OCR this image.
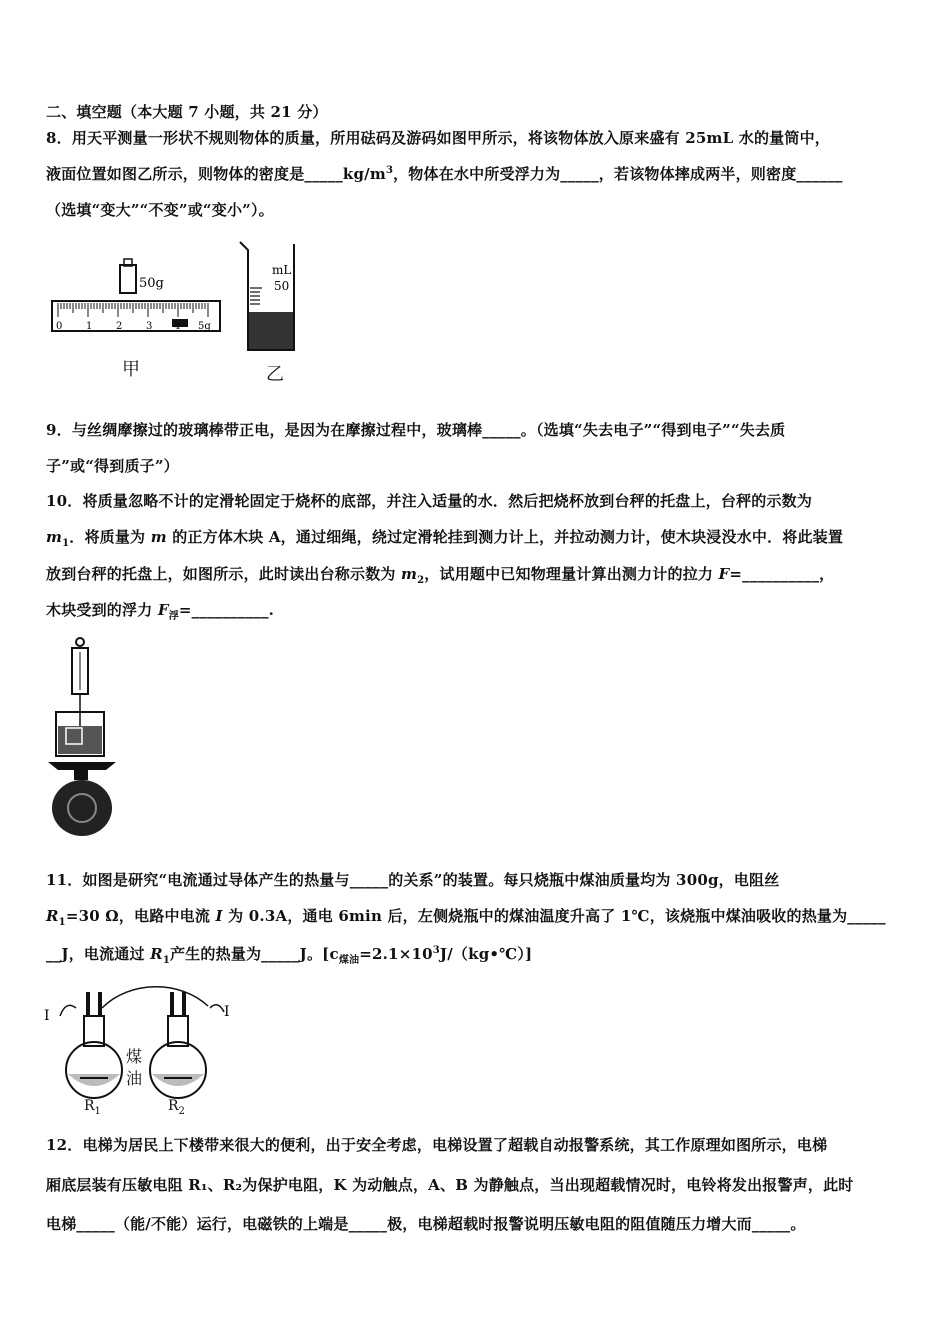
二、填空题（本大题 7 小题，共 21 分）
8．用天平测量一形状不规则物体的质量，所用砝码及游码如图甲所示，将该物体放入原来盛有 25mL 水的量筒中，
液面位置如图乙所示，则物体的密度是$\_\_\_\_\_kg/m^3$，物体在水中所受浮力为_____，若该物体摔成两半，则密度______
（选填“变大”“不变”或“变小”）。
50g
0 1 2 3	5g
甲
mL
50
乙
9．与丝绸摩擦过的玻璃棒带正电，是因为在摩擦过程中，玻璃棒_____。（选填“失去电子”“得到电子”“失去质
子”或“得到质子”）
10．将质量忽略不计的定滑轮固定于烧杯的底部，并注入适量的水．然后把烧杯放到台秤的托盘上，台秤的示数为
$m_1$．将质量为 m 的正方体木块 A，通过细绳，绕过定滑轮挂到测力计上，并拉动测力计，使木块浸没水中．将此装置
放到台秤的托盘上，如图所示，此时读出台称示数为 $m_2$，试用题中已知物理量计算出测力计的拉力 F=__________，
木块受到的浮力 $F_浮=\_\_\_\_\_\_\_\_\_\_$.
11．如图是研究“电流通过导体产生的热量与_____的关系”的装置。每只烧瓶中煤油质量均为 300g，电阻丝
$R_1=30$ Ω，电路中电流 I 为 0.3A，通电 6min 后，左侧烧瓶中的煤油温度升高了 1℃，该烧瓶中煤油吸收的热量为_____
__J，电流通过 $R_1$产生的热量为_____J。$[c_{煤油}=2.1\times 10^3J/(kg•℃)]$
I	I
煤油
$R_1$	$R_2$
12．电梯为居民上下楼带来很大的便利，出于安全考虑，电梯设置了超载自动报警系统，其工作原理如图所示，电梯
厢底层装有压敏电阻 R₁、R₂为保护电阻，K 为动触点，A、B 为静触点，当出现超载情况时，电铃将发出报警声，此时
电梯_____（能/不能）运行，电磁铁的上端是_____极，电梯超载时报警说明压敏电阻的阻值随压力增大而_____。
